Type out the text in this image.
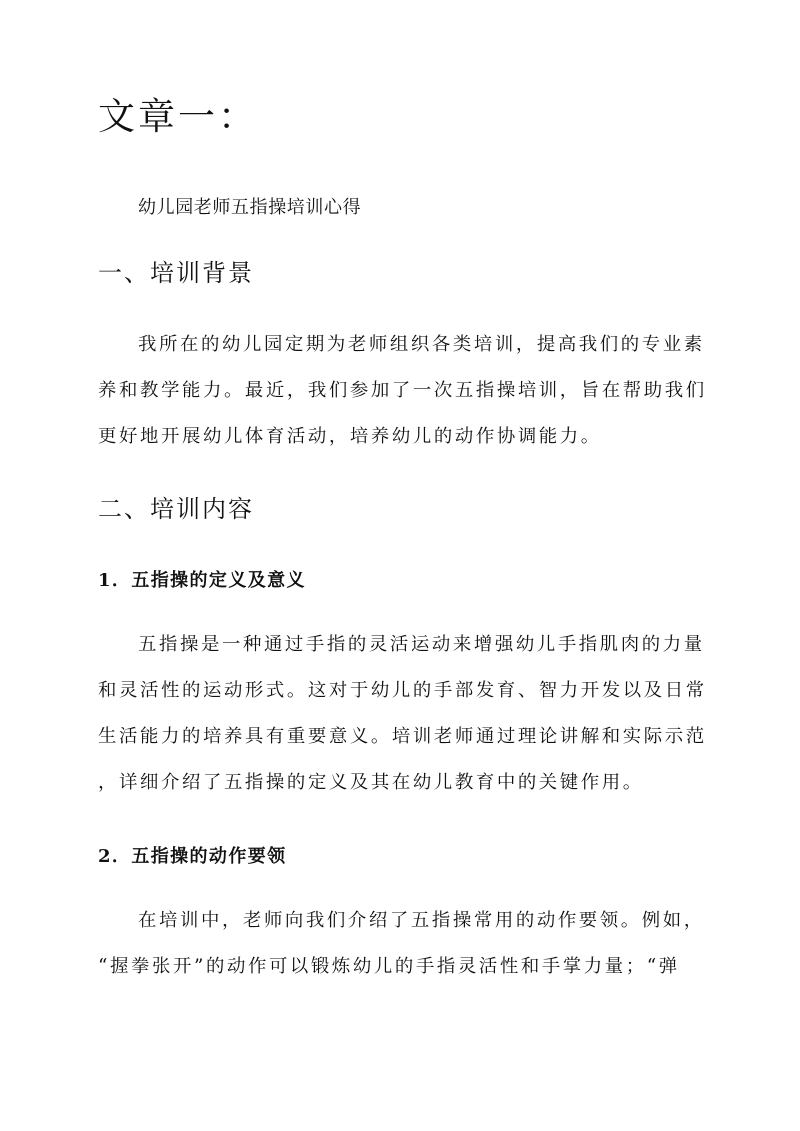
文章一：
幼儿园老师五指操培训心得
一、培训背景
我所在的幼儿园定期为老师组织各类培训，提高我们的专业素
养和教学能力。最近，我们参加了一次五指操培训，旨在帮助我们
更好地开展幼儿体育活动，培养幼儿的动作协调能力。
二、培训内容
1．五指操的定义及意义
五指操是一种通过手指的灵活运动来增强幼儿手指肌肉的力量
和灵活性的运动形式。这对于幼儿的手部发育、智力开发以及日常
生活能力的培养具有重要意义。培训老师通过理论讲解和实际示范
，详细介绍了五指操的定义及其在幼儿教育中的关键作用。
2．五指操的动作要领
在培训中，老师向我们介绍了五指操常用的动作要领。例如，
“握拳张开”的动作可以锻炼幼儿的手指灵活性和手掌力量；“弹
